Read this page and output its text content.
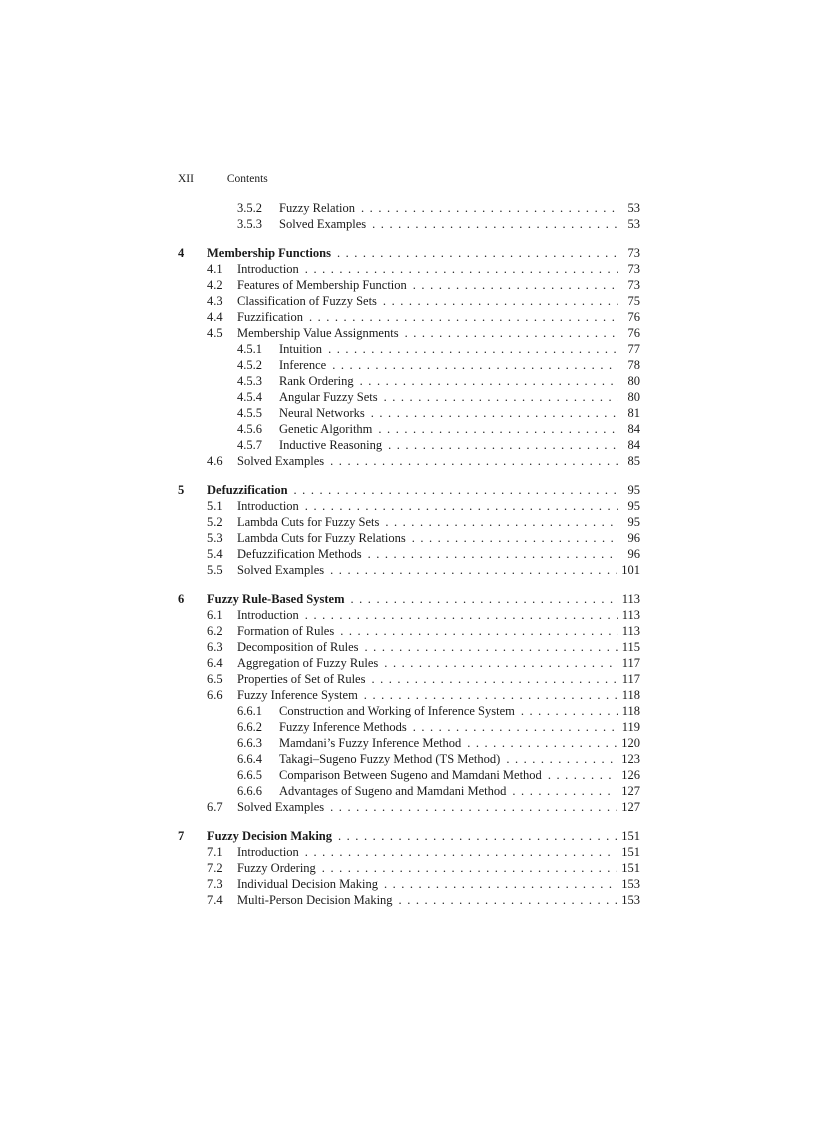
XII	Contents
3.5.2	Fuzzy Relation . . .	53
3.5.3	Solved Examples . . .	53
4	Membership Functions . . .	73
4.1	Introduction . . .	73
4.2	Features of Membership Function . . .	73
4.3	Classification of Fuzzy Sets . . .	75
4.4	Fuzzification . . .	76
4.5	Membership Value Assignments . . .	76
4.5.1	Intuition . . .	77
4.5.2	Inference . . .	78
4.5.3	Rank Ordering . . .	80
4.5.4	Angular Fuzzy Sets . . .	80
4.5.5	Neural Networks . . .	81
4.5.6	Genetic Algorithm . . .	84
4.5.7	Inductive Reasoning . . .	84
4.6	Solved Examples . . .	85
5	Defuzzification . . .	95
5.1	Introduction . . .	95
5.2	Lambda Cuts for Fuzzy Sets . . .	95
5.3	Lambda Cuts for Fuzzy Relations . . .	96
5.4	Defuzzification Methods . . .	96
5.5	Solved Examples . . .	101
6	Fuzzy Rule-Based System . . .	113
6.1	Introduction . . .	113
6.2	Formation of Rules . . .	113
6.3	Decomposition of Rules . . .	115
6.4	Aggregation of Fuzzy Rules . . .	117
6.5	Properties of Set of Rules . . .	117
6.6	Fuzzy Inference System . . .	118
6.6.1	Construction and Working of Inference System . . .	118
6.6.2	Fuzzy Inference Methods . . .	119
6.6.3	Mamdani’s Fuzzy Inference Method . . .	120
6.6.4	Takagi–Sugeno Fuzzy Method (TS Method) . . .	123
6.6.5	Comparison Between Sugeno and Mamdani Method . . .	126
6.6.6	Advantages of Sugeno and Mamdani Method . . .	127
6.7	Solved Examples . . .	127
7	Fuzzy Decision Making . . .	151
7.1	Introduction . . .	151
7.2	Fuzzy Ordering . . .	151
7.3	Individual Decision Making . . .	153
7.4	Multi-Person Decision Making . . .	153
